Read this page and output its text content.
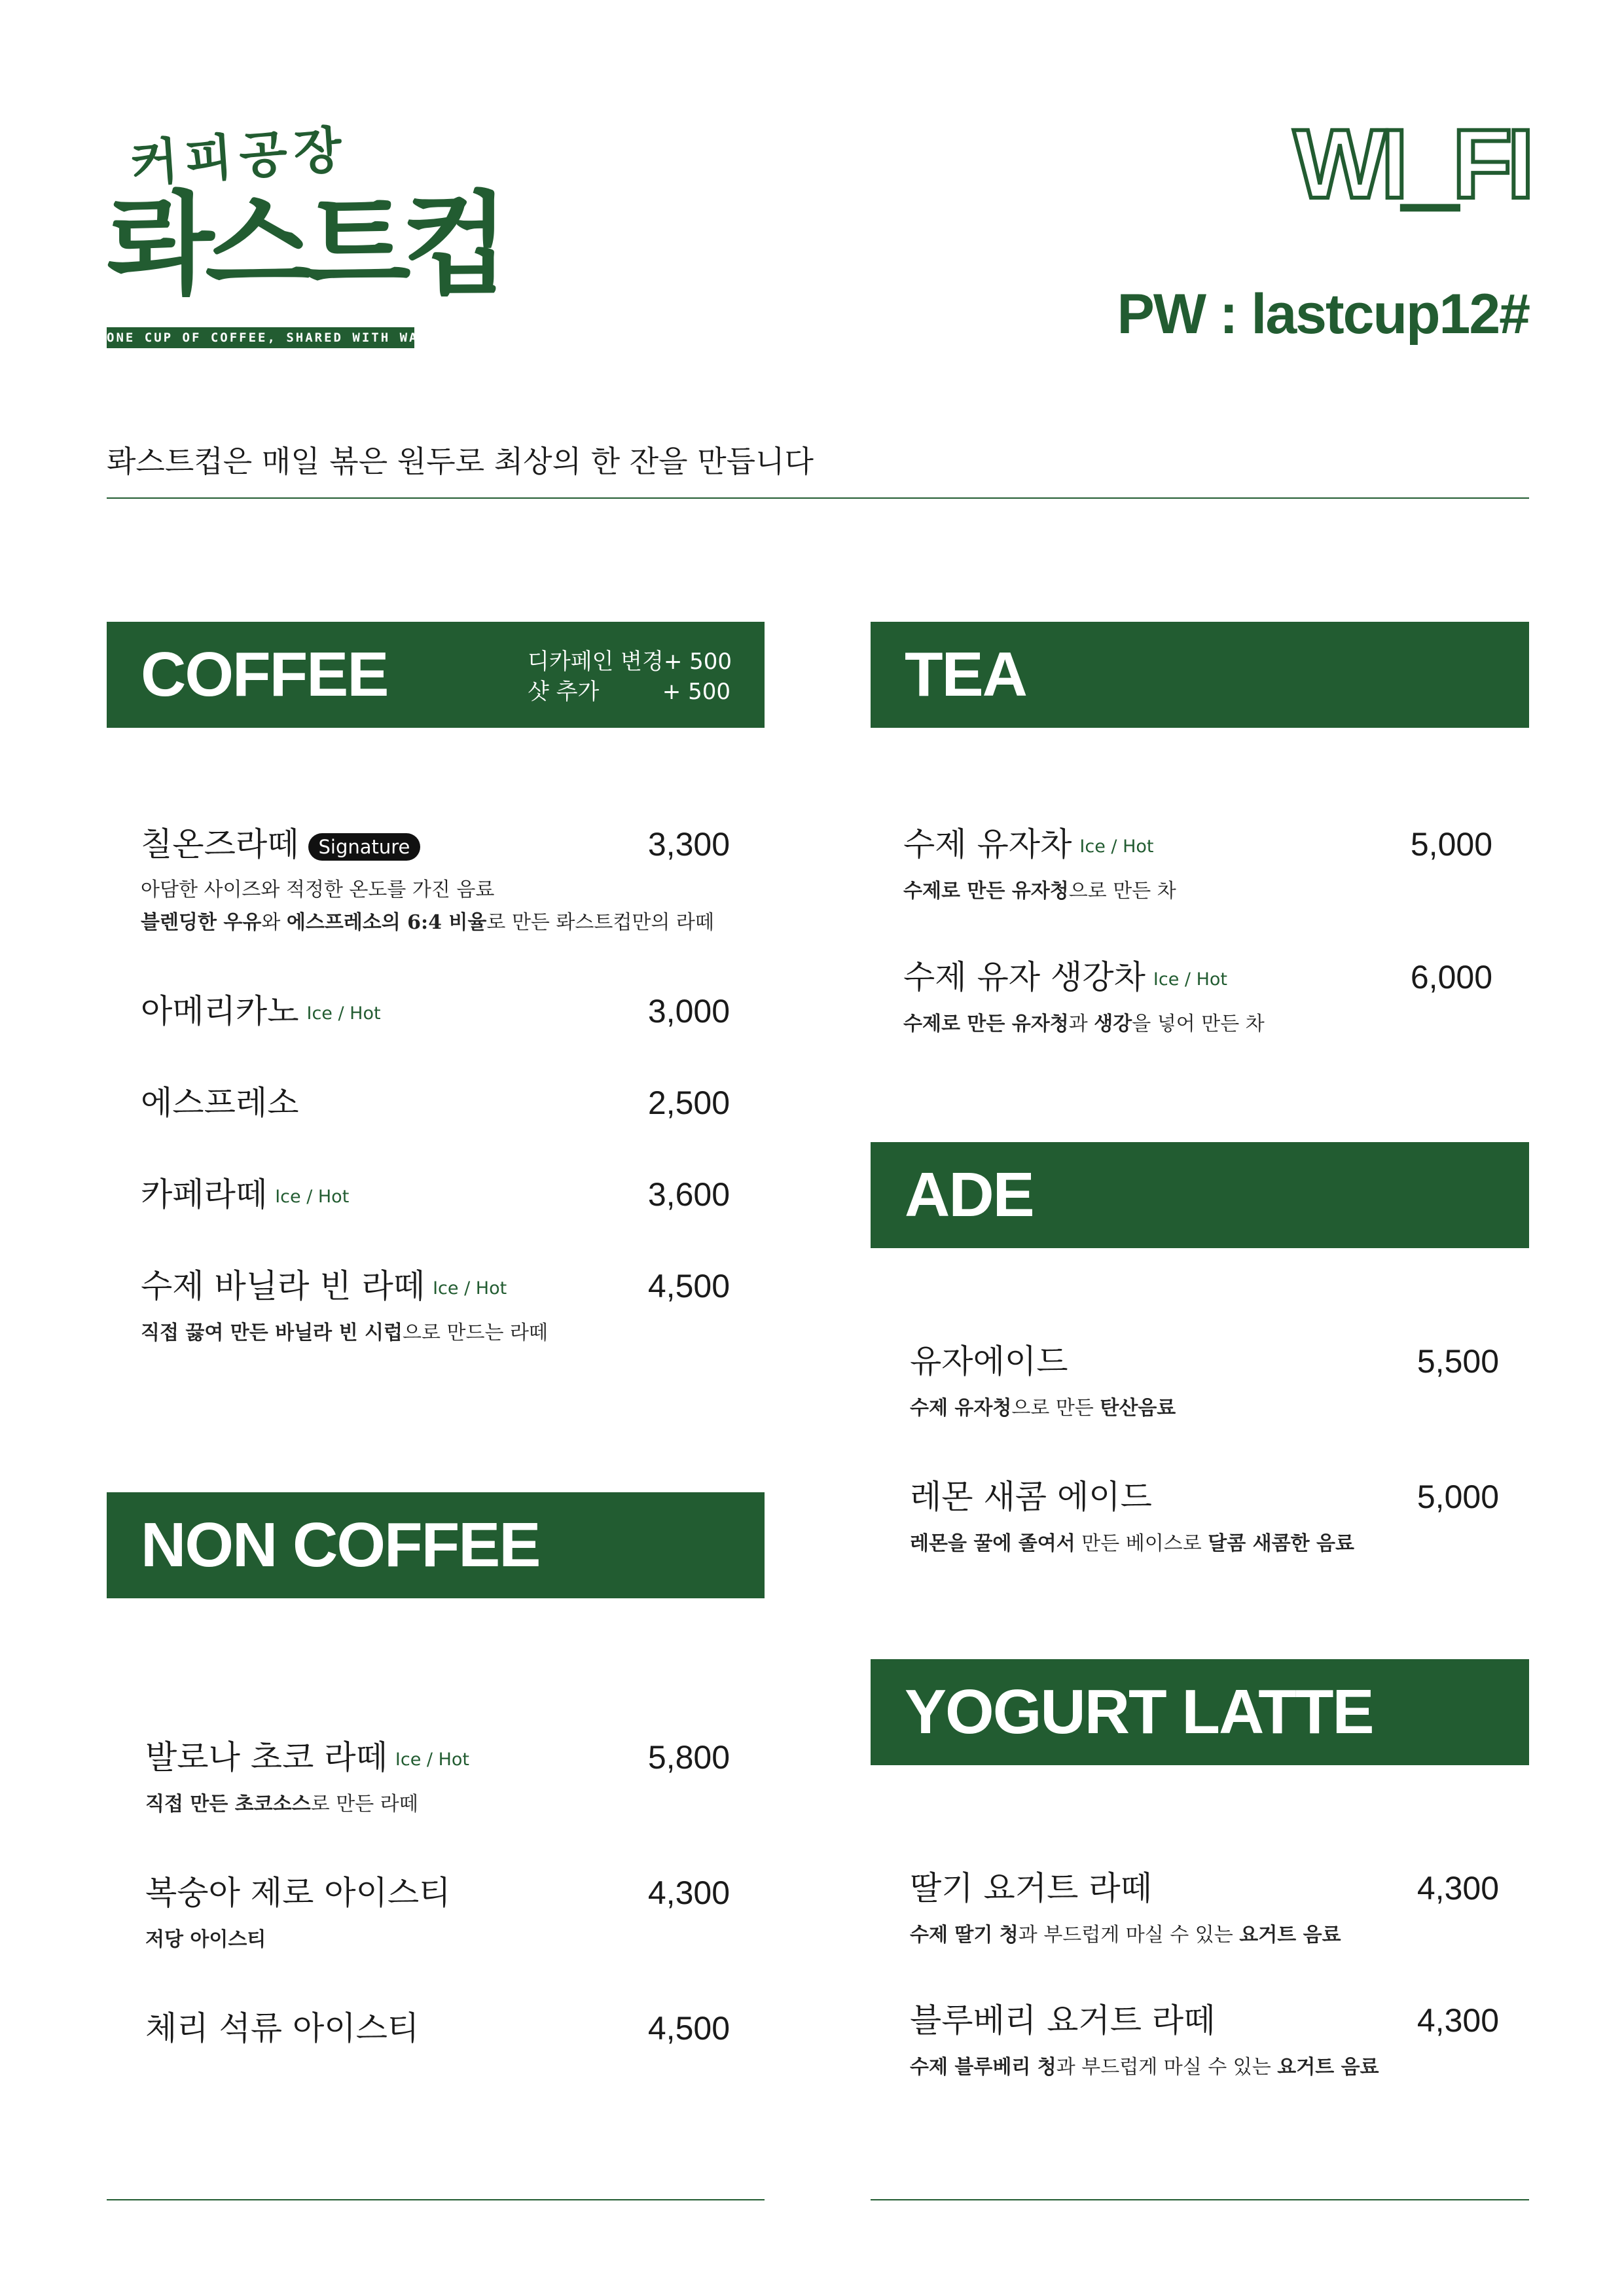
커피공장
롸스트컵
ONE CUP OF COFFEE, SHARED WITH WARMTH
WI_FI
PW : lastcup12#
롸스트컵은 매일 볶은 원두로 최상의 한 잔을 만듭니다
COFFEE	디카페인 변경 + 500
샷 추가	+ 500
칠온즈라떼 Signature	3,300
아담한 사이즈와 적정한 온도를 가진 음료
블렌딩한 우유와 에스프레소의 6:4 비율로 만든 롸스트컵만의 라떼
아메리카노 Ice / Hot	3,000
에스프레소	2,500
카페라떼 Ice / Hot	3,600
수제 바닐라 빈 라떼 Ice / Hot	4,500
직접 끓여 만든 바닐라 빈 시럽으로 만드는 라떼
NON COFFEE
발로나 초코 라떼 Ice / Hot	5,800
직접 만든 초코소스로 만든 라떼
복숭아 제로 아이스티	4,300
저당 아이스티
체리 석류 아이스티	4,500
TEA
수제 유자차 Ice / Hot	5,000
수제로 만든 유자청으로 만든 차
수제 유자 생강차 Ice / Hot	6,000
수제로 만든 유자청과 생강을 넣어 만든 차
ADE
유자에이드	5,500
수제 유자청으로 만든 탄산음료
레몬 새콤 에이드	5,000
레몬을 꿀에 졸여서 만든 베이스로 달콤 새콤한 음료
YOGURT LATTE
딸기 요거트 라떼	4,300
수제 딸기 청과 부드럽게 마실 수 있는 요거트 음료
블루베리 요거트 라떼	4,300
수제 블루베리 청과 부드럽게 마실 수 있는 요거트 음료
